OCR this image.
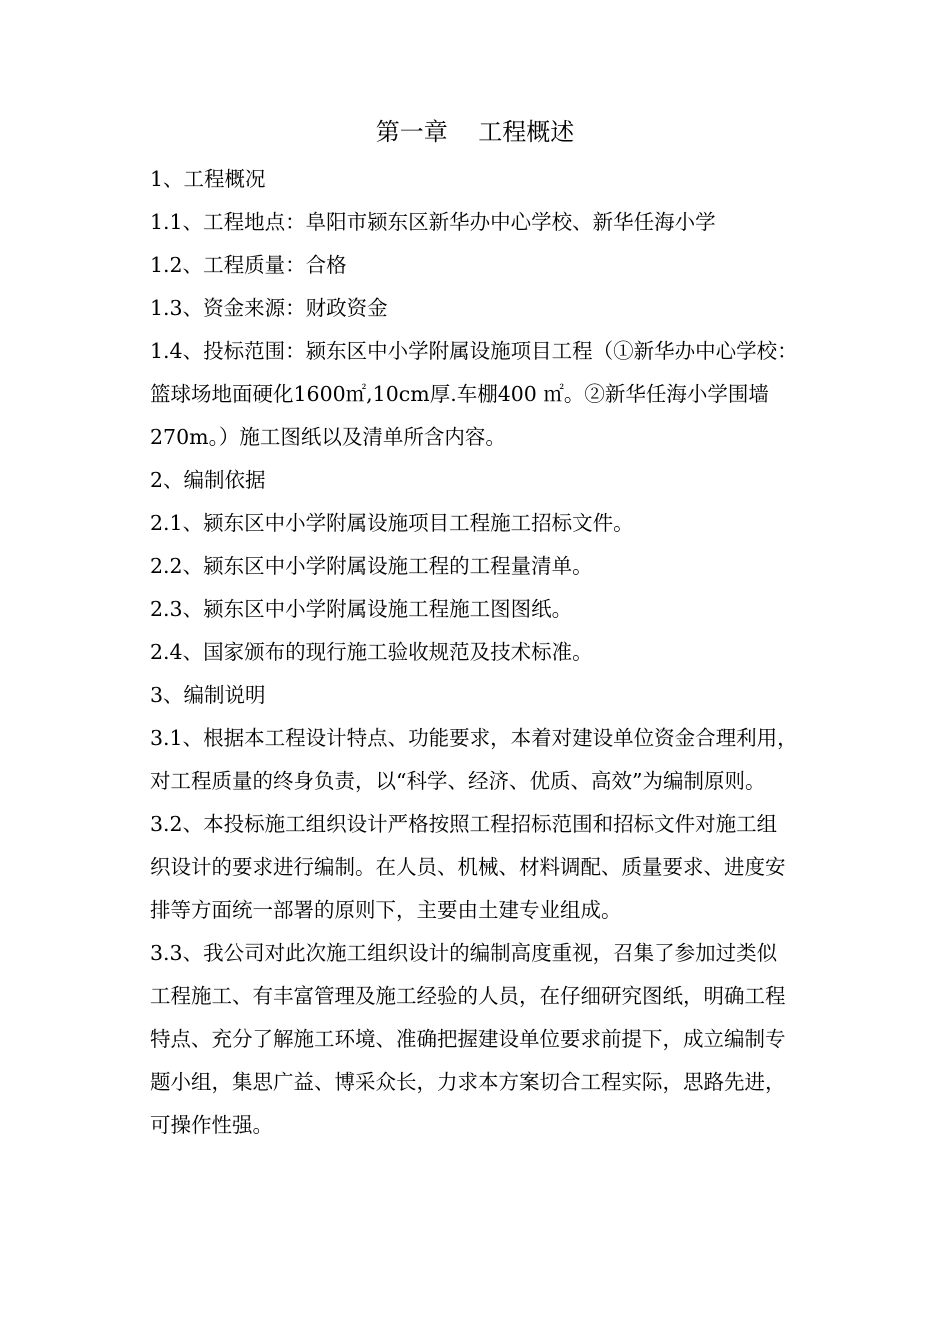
第一章    工程概述
1、工程概况
1.1、工程地点：阜阳市颍东区新华办中心学校、新华任海小学
1.2、工程质量：合格
1.3、资金来源：财政资金
1.4、投标范围：颍东区中小学附属设施项目工程（①新华办中心学校：
篮球场地面硬化1600㎡,10cm厚.车棚400 ㎡。②新华任海小学围墙
270m。）施工图纸以及清单所含内容。
2、编制依据
2.1、颍东区中小学附属设施项目工程施工招标文件。
2.2、颍东区中小学附属设施工程的工程量清单。
2.3、颍东区中小学附属设施工程施工图图纸。
2.4、国家颁布的现行施工验收规范及技术标准。
3、编制说明
3.1、根据本工程设计特点、功能要求，本着对建设单位资金合理利用，
对工程质量的终身负责，以“科学、经济、优质、高效”为编制原则。
3.2、本投标施工组织设计严格按照工程招标范围和招标文件对施工组
织设计的要求进行编制。在人员、机械、材料调配、质量要求、进度安
排等方面统一部署的原则下，主要由土建专业组成。
3.3、我公司对此次施工组织设计的编制高度重视，召集了参加过类似
工程施工、有丰富管理及施工经验的人员，在仔细研究图纸，明确工程
特点、充分了解施工环境、准确把握建设单位要求前提下，成立编制专
题小组，集思广益、博采众长，力求本方案切合工程实际，思路先进，
可操作性强。
